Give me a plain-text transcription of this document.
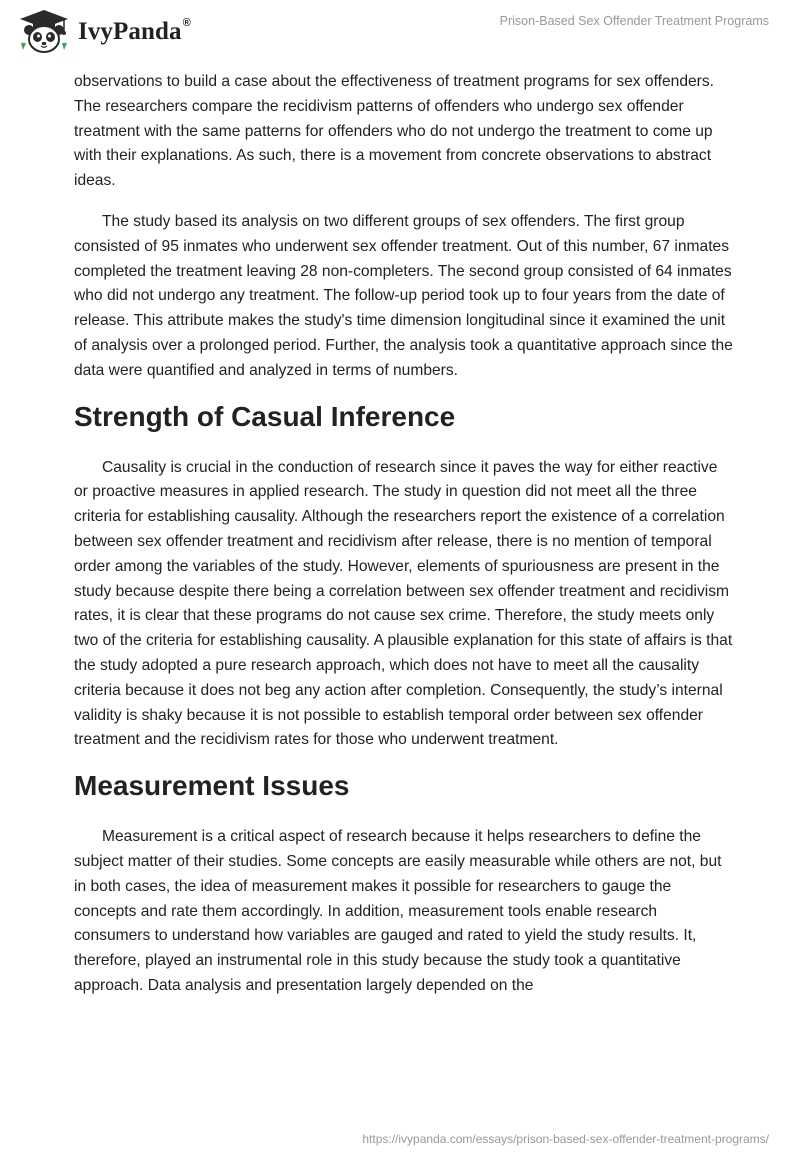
IvyPanda®	Prison-Based Sex Offender Treatment Programs

observations to build a case about the effectiveness of treatment programs for sex offenders. The researchers compare the recidivism patterns of offenders who undergo sex offender treatment with the same patterns for offenders who do not undergo the treatment to come up with their explanations. As such, there is a movement from concrete observations to abstract ideas.

The study based its analysis on two different groups of sex offenders. The first group consisted of 95 inmates who underwent sex offender treatment. Out of this number, 67 inmates completed the treatment leaving 28 non-completers. The second group consisted of 64 inmates who did not undergo any treatment. The follow-up period took up to four years from the date of release. This attribute makes the study's time dimension longitudinal since it examined the unit of analysis over a prolonged period. Further, the analysis took a quantitative approach since the data were quantified and analyzed in terms of numbers.

Strength of Casual Inference

Causality is crucial in the conduction of research since it paves the way for either reactive or proactive measures in applied research. The study in question did not meet all the three criteria for establishing causality. Although the researchers report the existence of a correlation between sex offender treatment and recidivism after release, there is no mention of temporal order among the variables of the study. However, elements of spuriousness are present in the study because despite there being a correlation between sex offender treatment and recidivism rates, it is clear that these programs do not cause sex crime. Therefore, the study meets only two of the criteria for establishing causality. A plausible explanation for this state of affairs is that the study adopted a pure research approach, which does not have to meet all the causality criteria because it does not beg any action after completion. Consequently, the study’s internal validity is shaky because it is not possible to establish temporal order between sex offender treatment and the recidivism rates for those who underwent treatment.

Measurement Issues

Measurement is a critical aspect of research because it helps researchers to define the subject matter of their studies. Some concepts are easily measurable while others are not, but in both cases, the idea of measurement makes it possible for researchers to gauge the concepts and rate them accordingly. In addition, measurement tools enable research consumers to understand how variables are gauged and rated to yield the study results. It, therefore, played an instrumental role in this study because the study took a quantitative approach. Data analysis and presentation largely depended on the

https://ivypanda.com/essays/prison-based-sex-offender-treatment-programs/
